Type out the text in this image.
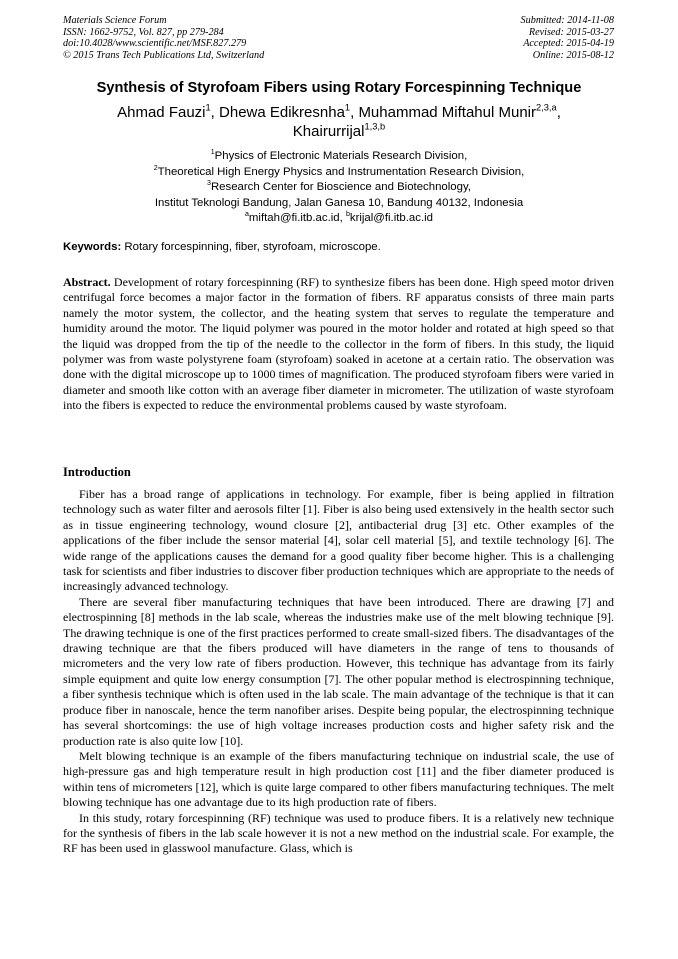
Materials Science Forum
ISSN: 1662-9752, Vol. 827, pp 279-284
doi:10.4028/www.scientific.net/MSF.827.279
© 2015 Trans Tech Publications Ltd, Switzerland
Submitted: 2014-11-08
Revised: 2015-03-27
Accepted: 2015-04-19
Online: 2015-08-12
Synthesis of Styrofoam Fibers using Rotary Forcespinning Technique
Ahmad Fauzi$^1$, Dhewa Edikresnha$^1$, Muhammad Miftahul Munir$^{2,3,a}$,
Khairurrijal$^{1,3,b}$
$^1$Physics of Electronic Materials Research Division,
$^2$Theoretical High Energy Physics and Instrumentation Research Division,
$^3$Research Center for Bioscience and Biotechnology,
Institut Teknologi Bandung, Jalan Ganesa 10, Bandung 40132, Indonesia
$^a$miftah@fi.itb.ac.id, $^b$krijal@fi.itb.ac.id
Keywords: Rotary forcespinning, fiber, styrofoam, microscope.
Abstract. Development of rotary forcespinning (RF) to synthesize fibers has been done. High speed motor driven centrifugal force becomes a major factor in the formation of fibers. RF apparatus consists of three main parts namely the motor system, the collector, and the heating system that serves to regulate the temperature and humidity around the motor. The liquid polymer was poured in the motor holder and rotated at high speed so that the liquid was dropped from the tip of the needle to the collector in the form of fibers. In this study, the liquid polymer was from waste polystyrene foam (styrofoam) soaked in acetone at a certain ratio. The observation was done with the digital microscope up to 1000 times of magnification. The produced styrofoam fibers were varied in diameter and smooth like cotton with an average fiber diameter in micrometer. The utilization of waste styrofoam into the fibers is expected to reduce the environmental problems caused by waste styrofoam.
Introduction

Fiber has a broad range of applications in technology. For example, fiber is being applied in filtration technology such as water filter and aerosols filter [1]. Fiber is also being used extensively in the health sector such as in tissue engineering technology, wound closure [2], antibacterial drug [3] etc. Other examples of the applications of the fiber include the sensor material [4], solar cell material [5], and textile technology [6]. The wide range of the applications causes the demand for a good quality fiber become higher. This is a challenging task for scientists and fiber industries to discover fiber production techniques which are appropriate to the needs of increasingly advanced technology.

There are several fiber manufacturing techniques that have been introduced. There are drawing [7] and electrospinning [8] methods in the lab scale, whereas the industries make use of the melt blowing technique [9]. The drawing technique is one of the first practices performed to create small-sized fibers. The disadvantages of the drawing technique are that the fibers produced will have diameters in the range of tens to thousands of micrometers and the very low rate of fibers production. However, this technique has advantage from its fairly simple equipment and quite low energy consumption [7]. The other popular method is electrospinning technique, a fiber synthesis technique which is often used in the lab scale. The main advantage of the technique is that it can produce fiber in nanoscale, hence the term nanofiber arises. Despite being popular, the electrospinning technique has several shortcomings: the use of high voltage increases production costs and higher safety risk and the production rate is also quite low [10].

Melt blowing technique is an example of the fibers manufacturing technique on industrial scale, the use of high-pressure gas and high temperature result in high production cost [11] and the fiber diameter produced is within tens of micrometers [12], which is quite large compared to other fibers manufacturing techniques. The melt blowing technique has one advantage due to its high production rate of fibers.

In this study, rotary forcespinning (RF) technique was used to produce fibers. It is a relatively new technique for the synthesis of fibers in the lab scale however it is not a new method on the industrial scale. For example, the RF has been used in glasswool manufacture. Glass, which is
